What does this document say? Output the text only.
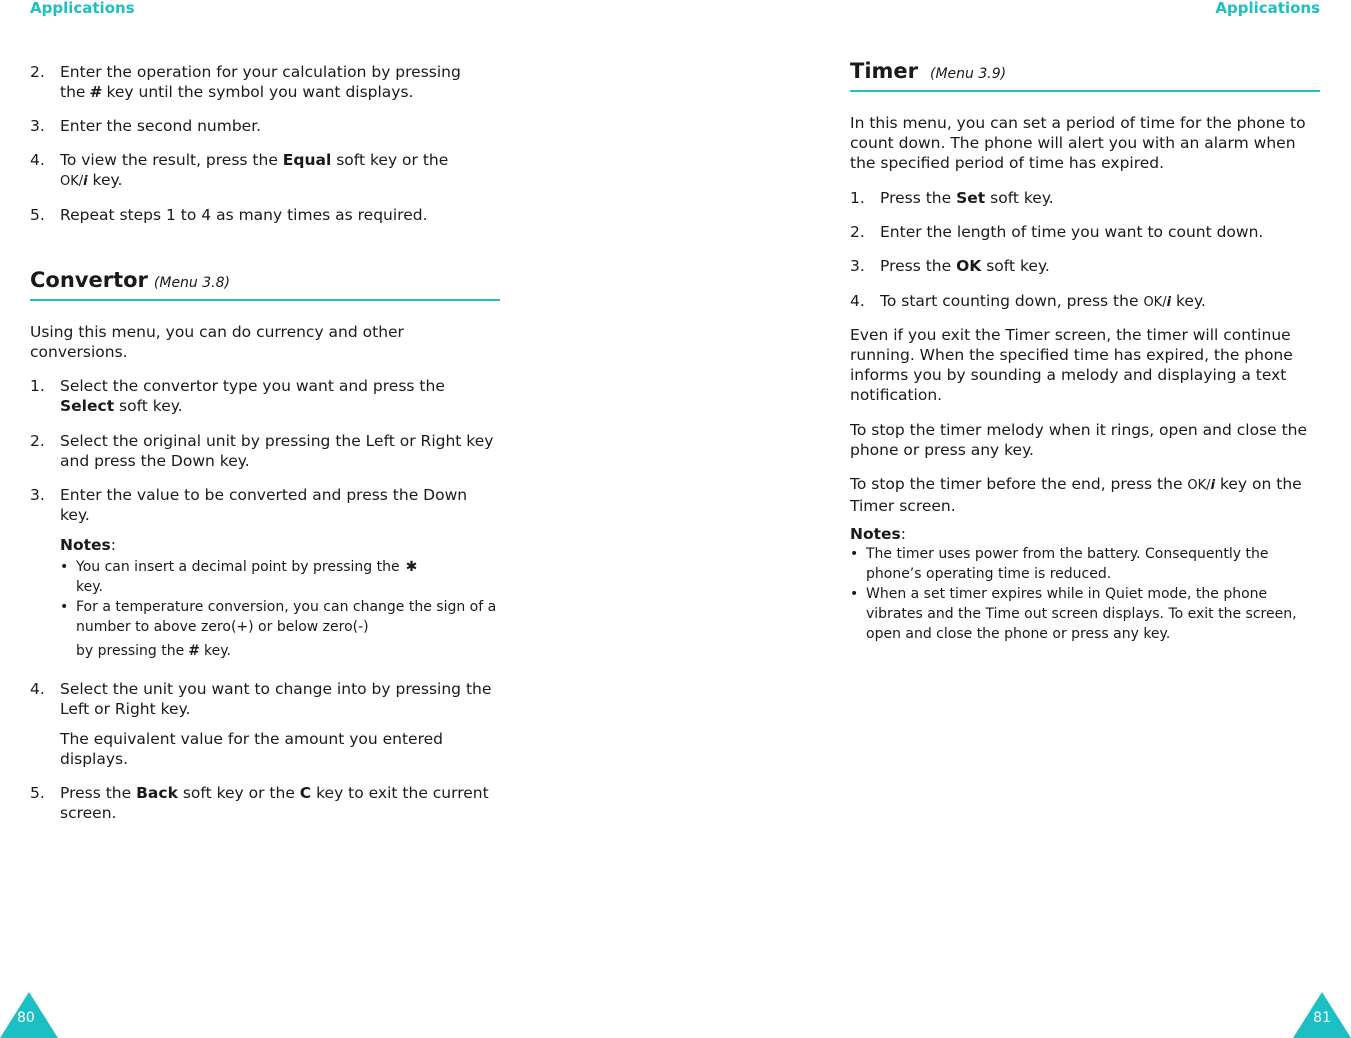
Applications
2. Enter the operation for your calculation by pressing
the # key until the symbol you want displays.

3. Enter the second number.

4. To view the result, press the Equal soft key or the
OK/i key.

5. Repeat steps 1 to 4 as many times as required.

Convertor (Menu 3.8)

Using this menu, you can do currency and other conversions.

1. Select the convertor type you want and press the
Select soft key.

2. Select the original unit by pressing the Left or Right key and press the Down key.

3. Enter the value to be converted and press the Down key.

Notes:

• You can insert a decimal point by pressing the ✱
key.
• For a temperature conversion, you can change the sign of a number to above zero(+) or below zero(-)
by pressing the # key.
4. Select the unit you want to change into by pressing the Left or Right key.

The equivalent value for the amount you entered displays.

5. Press the Back soft key or the C key to exit the current screen.

80
Applications
Timer (Menu 3.9)

In this menu, you can set a period of time for the phone to count down. The phone will alert you with an alarm when the specified period of time has expired.

1. Press the Set soft key.

2. Enter the length of time you want to count down.

3. Press the OK soft key.

4. To start counting down, press the OK/i key.

Even if you exit the Timer screen, the timer will continue running. When the specified time has expired, the phone informs you by sounding a melody and displaying a text notification.

To stop the timer melody when it rings, open and close the phone or press any key.

To stop the timer before the end, press the OK/i key on the Timer screen.

Notes:

• The timer uses power from the battery. Consequently the phone’s operating time is reduced.
• When a set timer expires while in Quiet mode, the phone vibrates and the Time out screen displays. To exit the screen, open and close the phone or press any key.
81
